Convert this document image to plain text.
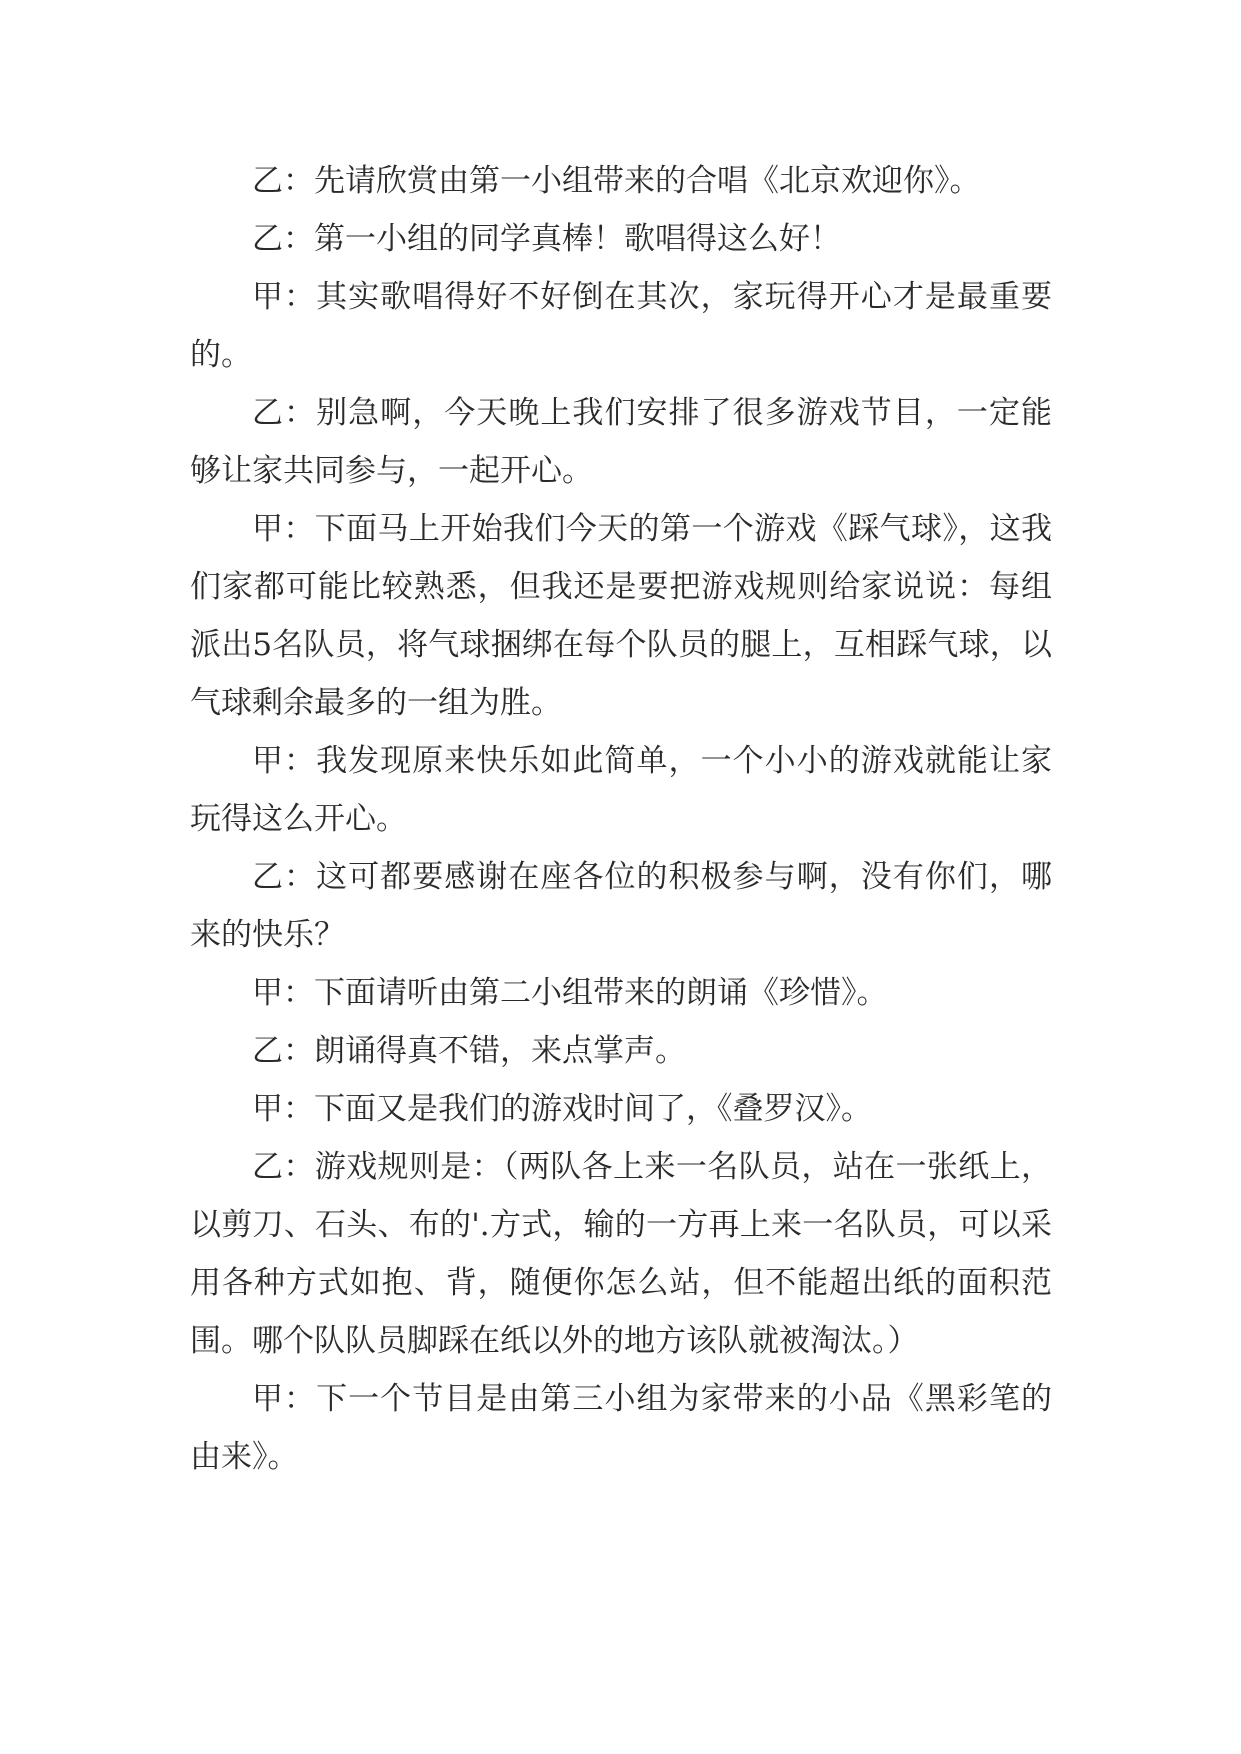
乙：先请欣赏由第一小组带来的合唱《北京欢迎你》。

乙：第一小组的同学真棒！歌唱得这么好！

甲：其实歌唱得好不好倒在其次，家玩得开心才是最重要的。

乙：别急啊，今天晚上我们安排了很多游戏节目，一定能够让家共同参与，一起开心。

甲：下面马上开始我们今天的第一个游戏《踩气球》，这我们家都可能比较熟悉，但我还是要把游戏规则给家说说：每组派出5名队员，将气球捆绑在每个队员的腿上，互相踩气球，以气球剩余最多的一组为胜。

甲：我发现原来快乐如此简单，一个小小的游戏就能让家玩得这么开心。

乙：这可都要感谢在座各位的积极参与啊，没有你们，哪来的快乐？

甲：下面请听由第二小组带来的朗诵《珍惜》。

乙：朗诵得真不错，来点掌声。

甲：下面又是我们的游戏时间了，《叠罗汉》。

乙：游戏规则是：（两队各上来一名队员，站在一张纸上，以剪刀、石头、布的'.方式，输的一方再上来一名队员，可以采用各种方式如抱、背，随便你怎么站，但不能超出纸的面积范围。哪个队队员脚踩在纸以外的地方该队就被淘汰。）

甲：下一个节目是由第三小组为家带来的小品《黑彩笔的由来》。
